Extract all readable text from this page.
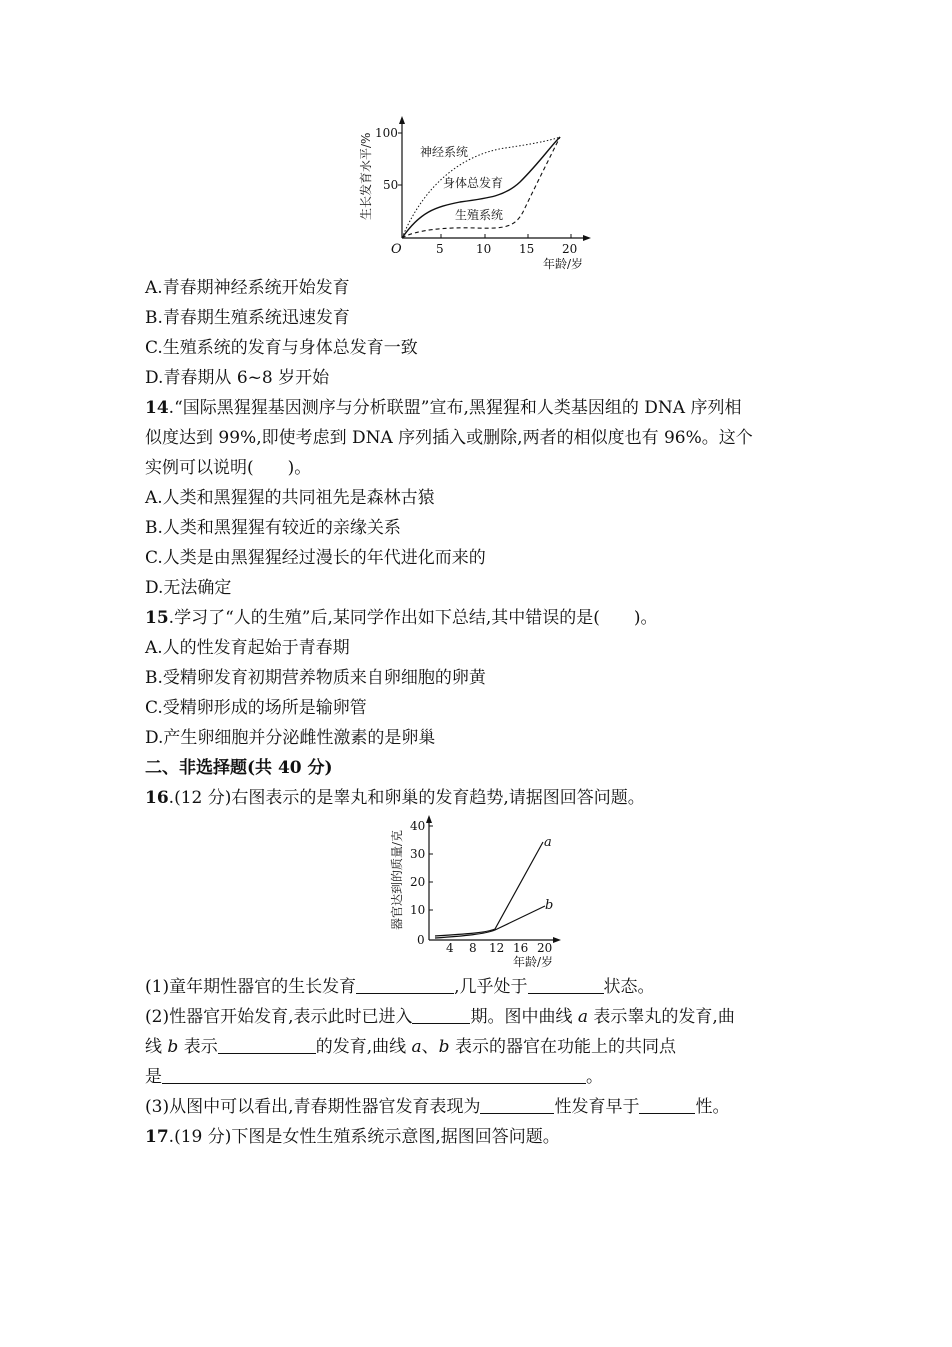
生长发育水平/% 100
50
O	5	10 15 20
年龄/岁
神经系统
身体总发育
生殖系统
A.青春期神经系统开始发育
B.青春期生殖系统迅速发育
C.生殖系统的发育与身体总发育一致
D.青春期从 6~8 岁开始
14.“国际黑猩猩基因测序与分析联盟”宣布,黑猩猩和人类基因组的 DNA 序列相
似度达到 99%,即使考虑到 DNA 序列插入或删除,两者的相似度也有 96%。这个
实例可以说明(　　)。
A.人类和黑猩猩的共同祖先是森林古猿
B.人类和黑猩猩有较近的亲缘关系
C.人类是由黑猩猩经过漫长的年代进化而来的
D.无法确定
15.学习了“人的生殖”后,某同学作出如下总结,其中错误的是(　　)。
A.人的性发育起始于青春期
B.受精卵发育初期营养物质来自卵细胞的卵黄
C.受精卵形成的场所是输卵管
D.产生卵细胞并分泌雌性激素的是卵巢
二、非选择题(共 40 分)
16.(12 分)右图表示的是睾丸和卵巢的发育趋势,请据图回答问题。
器官达到的质量/克
40
30
20
10
0
4 8 12 16 20
年龄/岁
a
b
(1)童年期性器官的生长发育	,几乎处于	状态。
(2)性器官开始发育,表示此时已进入	期。图中曲线 a 表示睾丸的发育,曲
线 b 表示	的发育,曲线 a、b 表示的器官在功能上的共同点
是	。
(3)从图中可以看出,青春期性器官发育表现为	性发育早于	性。
17.(19 分)下图是女性生殖系统示意图,据图回答问题。
